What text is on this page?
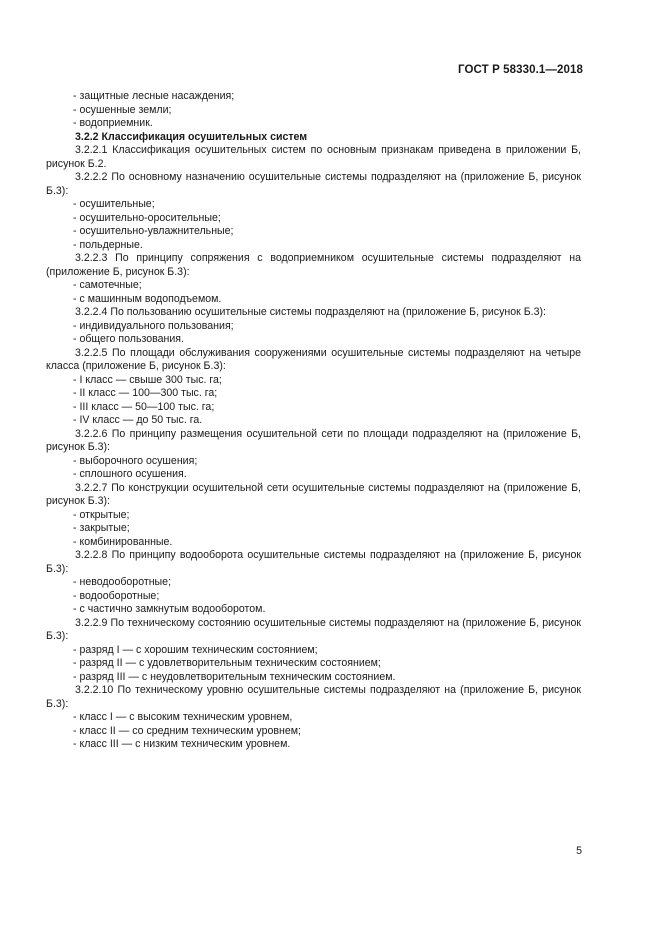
ГОСТ Р 58330.1—2018

- защитные лесные насаждения;

- осушенные земли;

- водоприемник.

3.2.2 Классификация осушительных систем

3.2.2.1 Классификация осушительных систем по основным признакам приведена в приложении Б, рисунок Б.2.

3.2.2.2 По основному назначению осушительные системы подразделяют на (приложение Б, рисунок Б.3):

- осушительные;

- осушительно-оросительные;

- осушительно-увлажнительные;

- польдерные.

3.2.2.3 По принципу сопряжения с водоприемником осушительные системы подразделяют на (приложение Б, рисунок Б.3):

- самотечные;

- с машинным водоподъемом.

3.2.2.4 По пользованию осушительные системы подразделяют на (приложение Б, рисунок Б.3):

- индивидуального пользования;

- общего пользования.

3.2.2.5 По площади обслуживания сооружениями осушительные системы подразделяют на четыре класса (приложение Б, рисунок Б.3):

- I класс — свыше 300 тыс. га;

- II класс — 100—300 тыс. га;

- III класс — 50—100 тыс. га;

- IV класс — до 50 тыс. га.

3.2.2.6 По принципу размещения осушительной сети по площади подразделяют на (приложение Б, рисунок Б.3):

- выборочного осушения;

- сплошного осушения.

3.2.2.7 По конструкции осушительной сети осушительные системы подразделяют на (приложение Б, рисунок Б.3):

- открытые;

- закрытые;

- комбинированные.

3.2.2.8 По принципу водооборота осушительные системы подразделяют на (приложение Б, рисунок Б.3):

- неводооборотные;

- водооборотные;

- с частично замкнутым водооборотом.

3.2.2.9 По техническому состоянию осушительные системы подразделяют на (приложение Б, рисунок Б.3):

- разряд I — с хорошим техническим состоянием;

- разряд II — с удовлетворительным техническим состоянием;

- разряд III — с неудовлетворительным техническим состоянием.

3.2.2.10 По техническому уровню осушительные системы подразделяют на (приложение Б, рисунок Б.3):

- класс I — с высоким техническим уровнем,

- класс II — со средним техническим уровнем;

- класс III — с низким техническим уровнем.

5
